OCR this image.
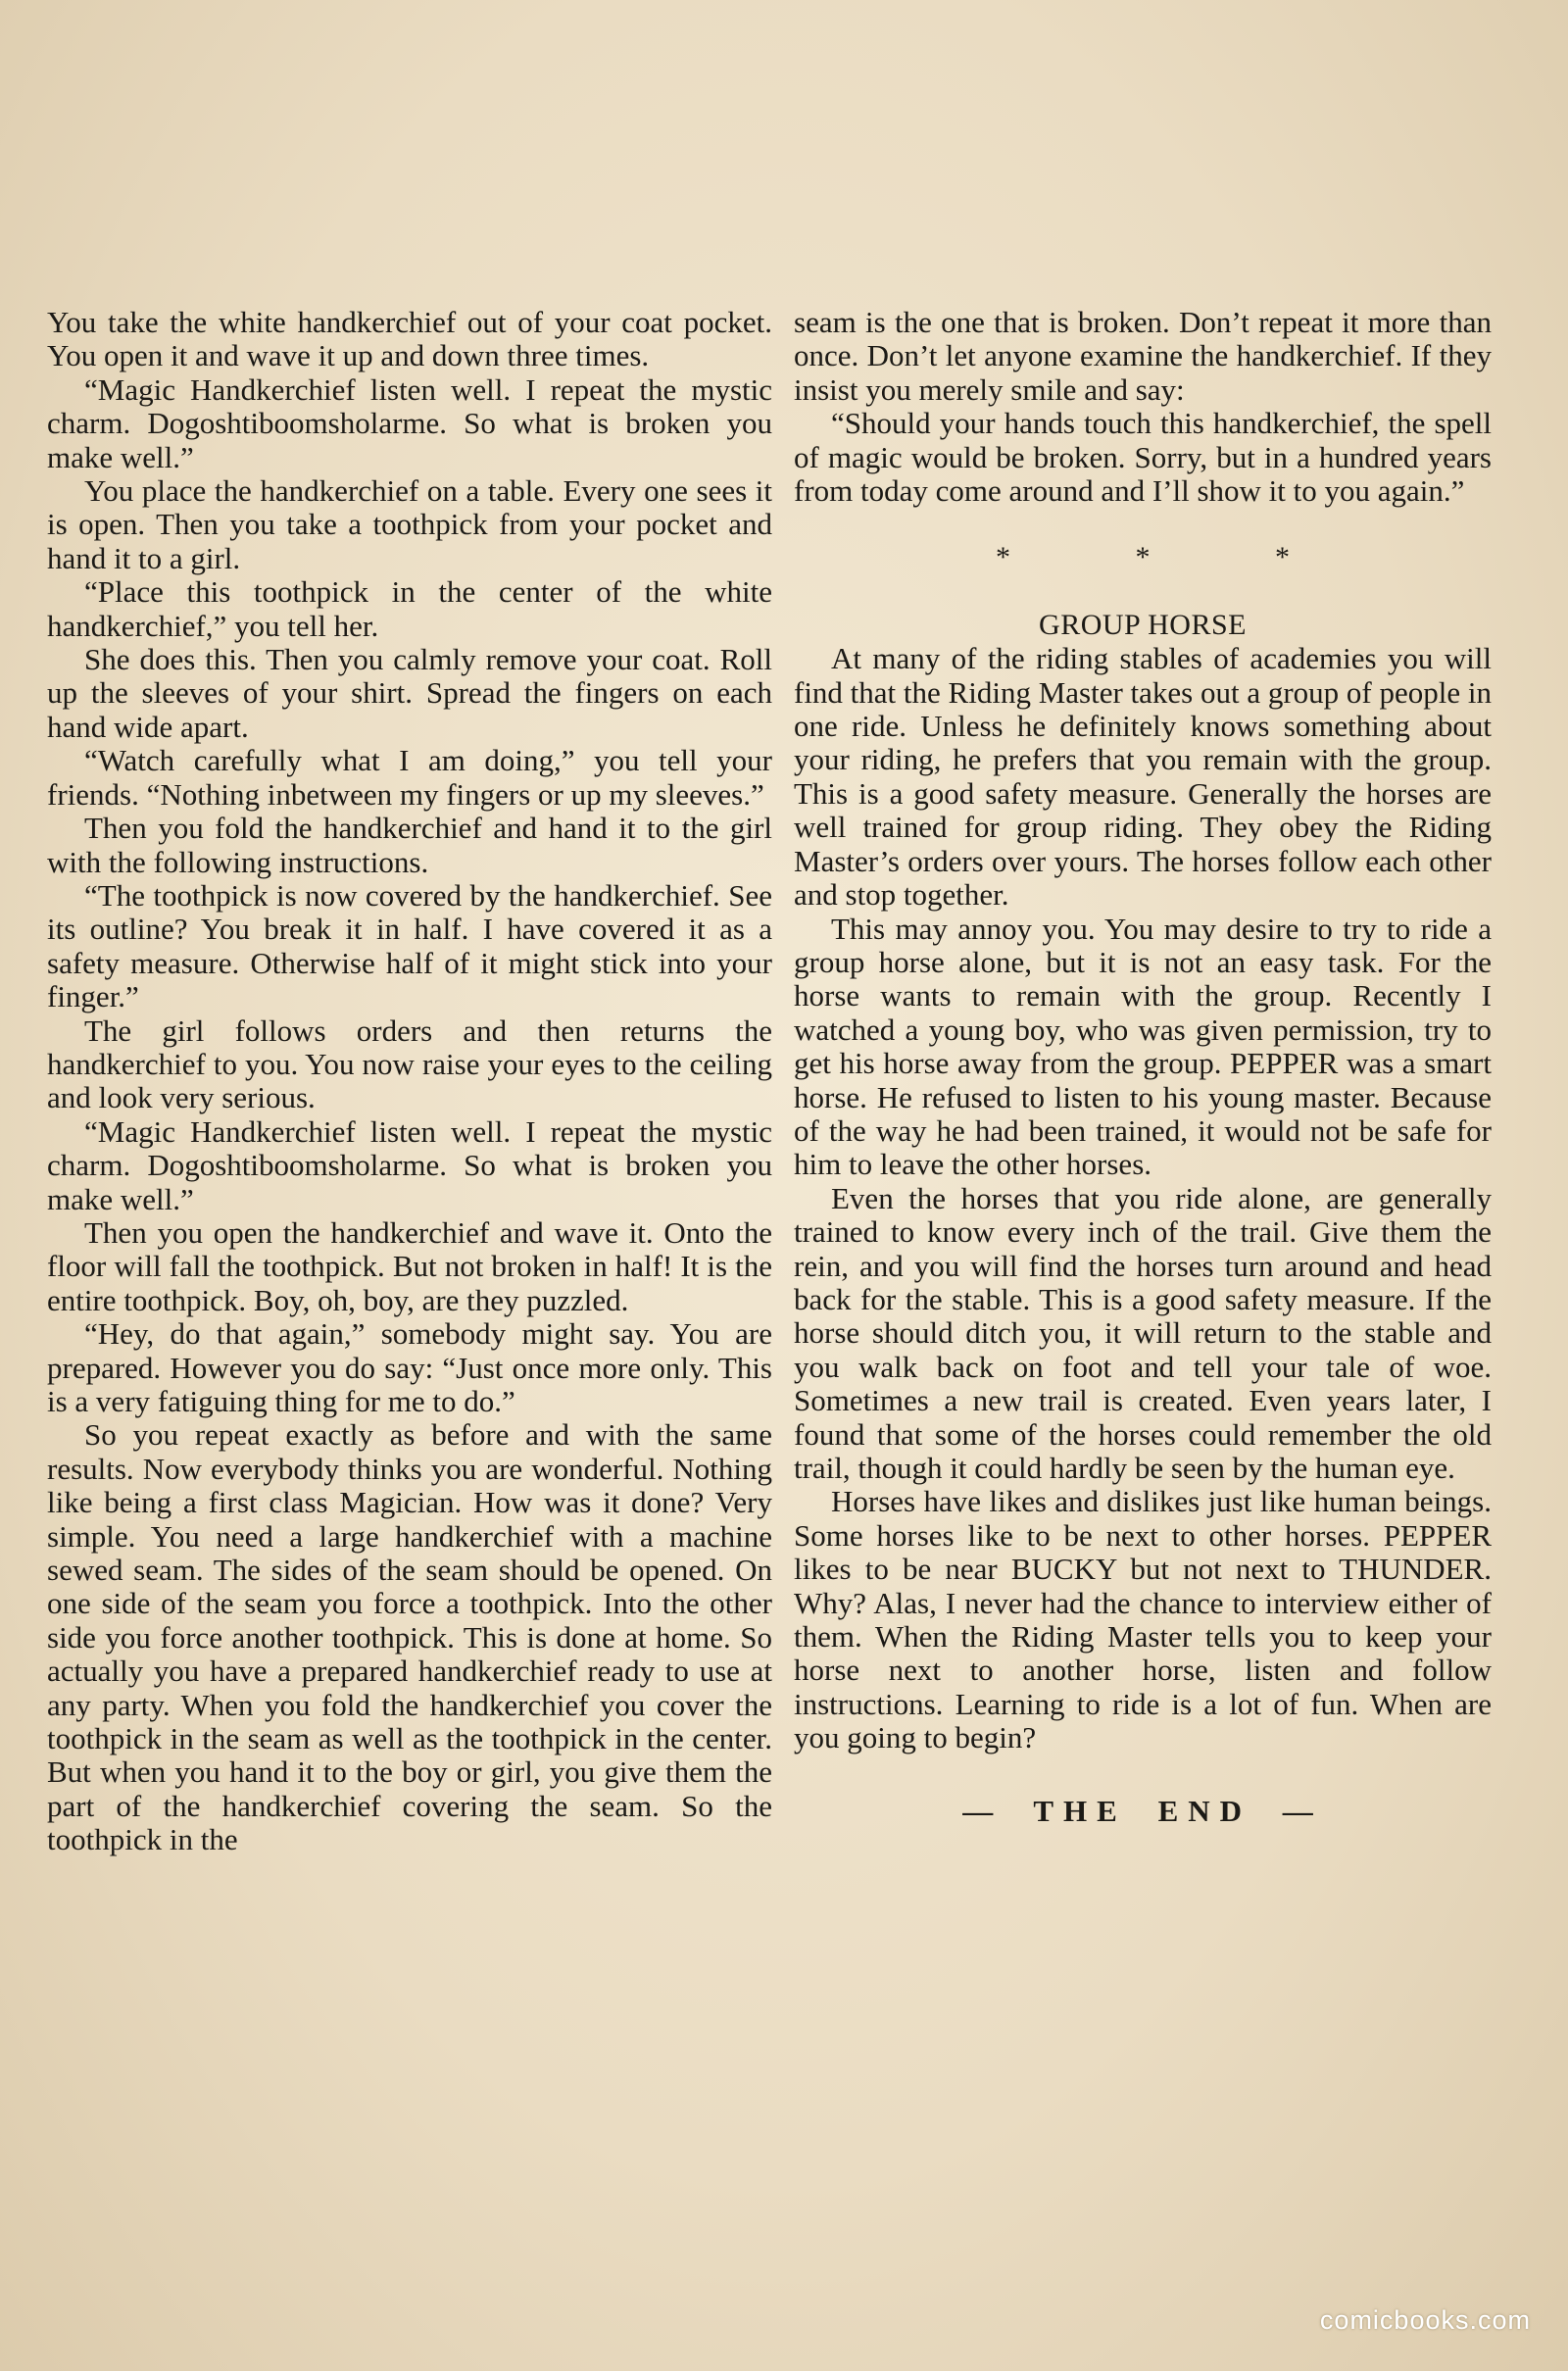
You take the white handkerchief out of your coat pocket. You open it and wave it up and down three times.

“Magic Handkerchief listen well. I repeat the mystic charm. Dogoshtiboomsholarme. So what is broken you make well.”

You place the handkerchief on a table. Every one sees it is open. Then you take a toothpick from your pocket and hand it to a girl.

“Place this toothpick in the center of the white handkerchief,” you tell her.

She does this. Then you calmly remove your coat. Roll up the sleeves of your shirt. Spread the fingers on each hand wide apart.

“Watch carefully what I am doing,” you tell your friends. “Nothing inbetween my fingers or up my sleeves.”

Then you fold the handkerchief and hand it to the girl with the following instructions.

“The toothpick is now covered by the handkerchief. See its outline? You break it in half. I have covered it as a safety measure. Otherwise half of it might stick into your finger.”

The girl follows orders and then returns the handkerchief to you. You now raise your eyes to the ceiling and look very serious.

“Magic Handkerchief listen well. I repeat the mystic charm. Dogoshtiboomsholarme. So what is broken you make well.”

Then you open the handkerchief and wave it. Onto the floor will fall the toothpick. But not broken in half! It is the entire toothpick. Boy, oh, boy, are they puzzled.

“Hey, do that again,” somebody might say. You are prepared. However you do say: “Just once more only. This is a very fatiguing thing for me to do.”

So you repeat exactly as before and with the same results. Now everybody thinks you are wonderful. Nothing like being a first class Magician. How was it done? Very simple. You need a large handkerchief with a machine sewed seam. The sides of the seam should be opened. On one side of the seam you force a toothpick. Into the other side you force another toothpick. This is done at home. So actually you have a prepared handkerchief ready to use at any party. When you fold the handkerchief you cover the toothpick in the seam as well as the toothpick in the center. But when you hand it to the boy or girl, you give them the part of the handkerchief covering the seam. So the toothpick in the

seam is the one that is broken. Don’t repeat it more than once. Don’t let anyone examine the handkerchief. If they insist you merely smile and say:

“Should your hands touch this handkerchief, the spell of magic would be broken. Sorry, but in a hundred years from today come around and I’ll show it to you again.”

* * *
GROUP HORSE

At many of the riding stables of academies you will find that the Riding Master takes out a group of people in one ride. Unless he definitely knows something about your riding, he prefers that you remain with the group. This is a good safety measure. Generally the horses are well trained for group riding. They obey the Riding Master’s orders over yours. The horses follow each other and stop together.

This may annoy you. You may desire to try to ride a group horse alone, but it is not an easy task. For the horse wants to remain with the group. Recently I watched a young boy, who was given permission, try to get his horse away from the group. PEPPER was a smart horse. He refused to listen to his young master. Because of the way he had been trained, it would not be safe for him to leave the other horses.

Even the horses that you ride alone, are generally trained to know every inch of the trail. Give them the rein, and you will find the horses turn around and head back for the stable. This is a good safety measure. If the horse should ditch you, it will return to the stable and you walk back on foot and tell your tale of woe. Sometimes a new trail is created. Even years later, I found that some of the horses could remember the old trail, though it could hardly be seen by the human eye.

Horses have likes and dislikes just like human beings. Some horses like to be next to other horses. PEPPER likes to be near BUCKY but not next to THUNDER. Why? Alas, I never had the chance to interview either of them. When the Riding Master tells you to keep your horse next to another horse, listen and follow instructions. Learning to ride is a lot of fun. When are you going to begin?

— THE END —
comicbooks.com
